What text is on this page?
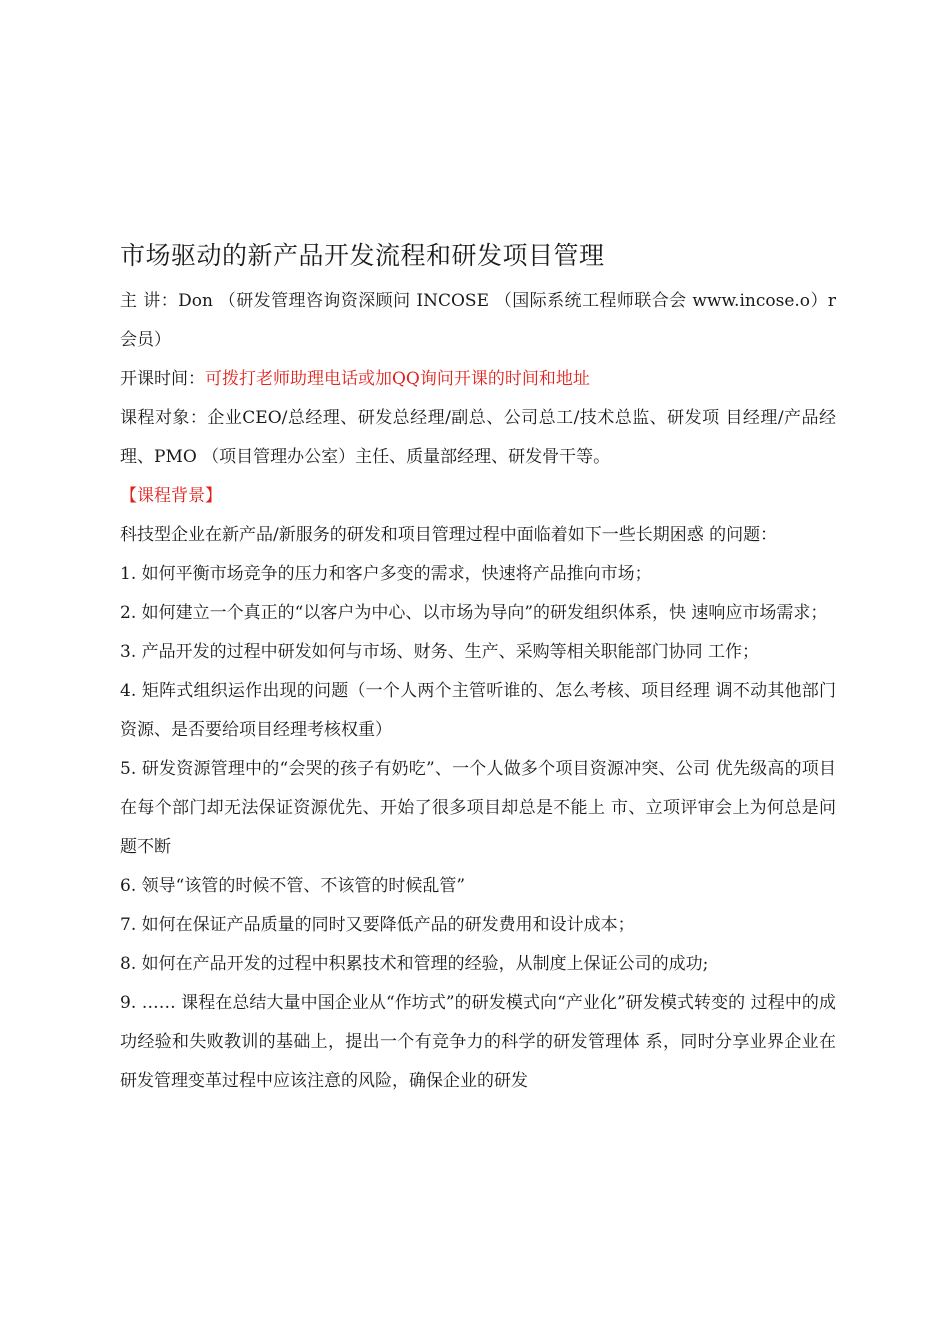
市场驱动的新产品开发流程和研发项目管理

主 讲：Don （研发管理咨询资深顾问 INCOSE （国际系统工程师联合会 www.incose.o）r 会员）

开课时间：可拨打老师助理电话或加QQ询问开课的时间和地址

课程对象：企业CEO/总经理、研发总经理/副总、公司总工/技术总监、研发项 目经理/产品经理、PMO （项目管理办公室）主任、质量部经理、研发骨干等。

【课程背景】

科技型企业在新产品/新服务的研发和项目管理过程中面临着如下一些长期困惑 的问题：

1. 如何平衡市场竞争的压力和客户多变的需求，快速将产品推向市场；

2. 如何建立一个真正的“以客户为中心、以市场为导向”的研发组织体系，快 速响应市场需求；

3. 产品开发的过程中研发如何与市场、财务、生产、采购等相关职能部门协同 工作；

4. 矩阵式组织运作出现的问题（一个人两个主管听谁的、怎么考核、项目经理 调不动其他部门资源、是否要给项目经理考核权重）

5. 研发资源管理中的“会哭的孩子有奶吃”、一个人做多个项目资源冲突、公司 优先级高的项目在每个部门却无法保证资源优先、开始了很多项目却总是不能上 市、立项评审会上为何总是问题不断

6. 领导“该管的时候不管、不该管的时候乱管”

7. 如何在保证产品质量的同时又要降低产品的研发费用和设计成本；

8. 如何在产品开发的过程中积累技术和管理的经验，从制度上保证公司的成功;

9. …… 课程在总结大量中国企业从“作坊式”的研发模式向“产业化”研发模式转变的 过程中的成功经验和失败教训的基础上，提出一个有竞争力的科学的研发管理体 系，同时分享业界企业在研发管理变革过程中应该注意的风险，确保企业的研发
